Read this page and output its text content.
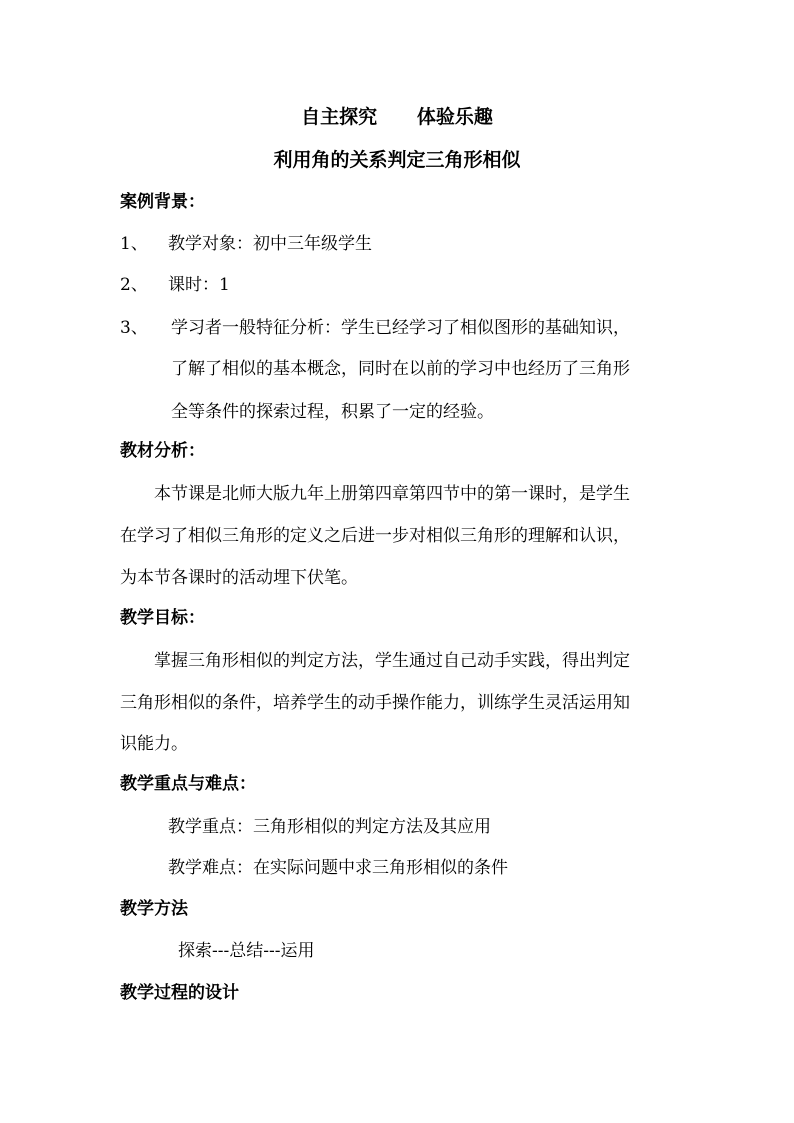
自主探究      体验乐趣
利用角的关系判定三角形相似
案例背景：
1、 教学对象：初中三年级学生
2、 课时：1
3、 学习者一般特征分析：学生已经学习了相似图形的基础知识，
了解了相似的基本概念，同时在以前的学习中也经历了三角形
全等条件的探索过程，积累了一定的经验。
教材分析：
本节课是北师大版九年上册第四章第四节中的第一课时，是学生
在学习了相似三角形的定义之后进一步对相似三角形的理解和认识，
为本节各课时的活动埋下伏笔。
教学目标：
掌握三角形相似的判定方法，学生通过自己动手实践，得出判定
三角形相似的条件，培养学生的动手操作能力，训练学生灵活运用知
识能力。
教学重点与难点：
教学重点：三角形相似的判定方法及其应用
教学难点：在实际问题中求三角形相似的条件
教学方法
探索---总结---运用
教学过程的设计
